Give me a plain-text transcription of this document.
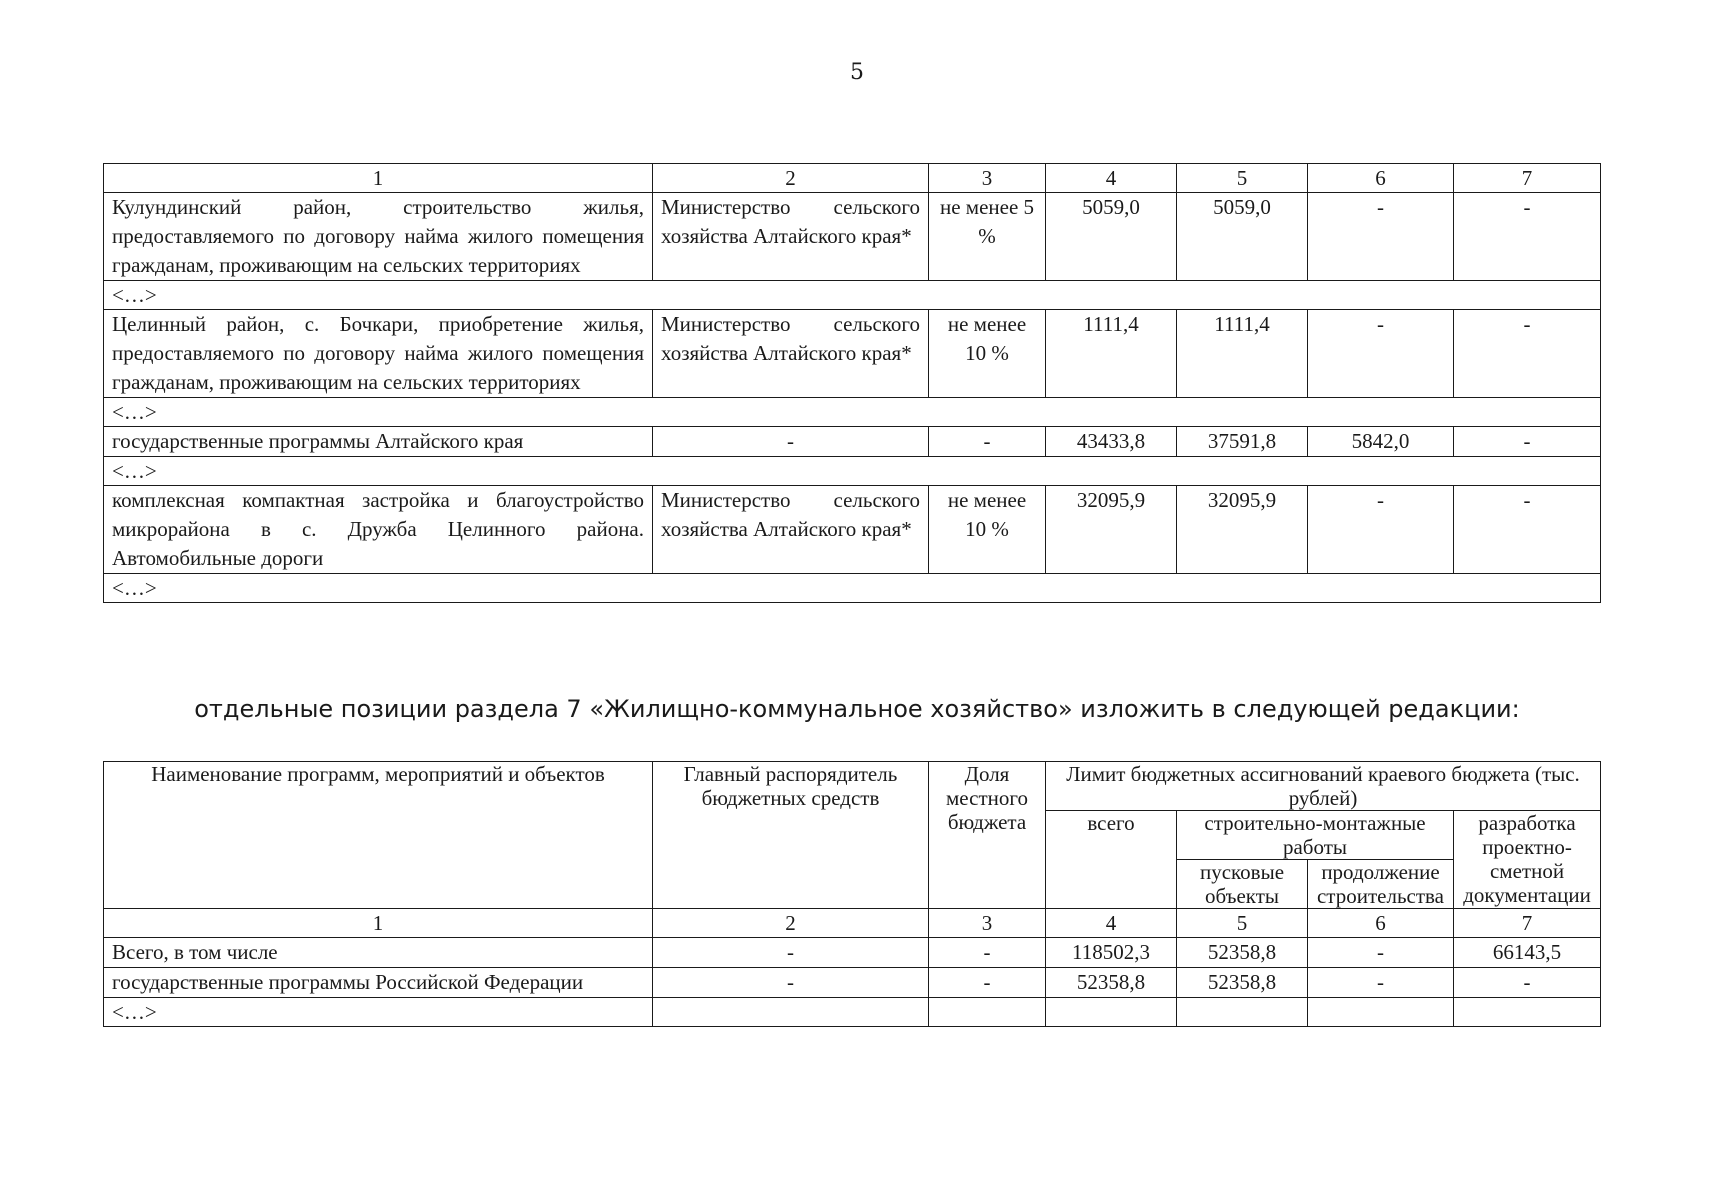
5
1	2	3	4	5	6	7
Кулундинский район, строительство жилья, предоставляемого по договору найма жилого помещения гражданам, проживающим на сельских территориях	Министерство сельского хозяйства Алтайского края*	не менее 5 %	5059,0	5059,0	-	-
<…>						
Целинный район, с. Бочкари, приобретение жилья, предоставляемого по договору найма жилого помещения гражданам, проживающим на сельских территориях	Министерство сельского хозяйства Алтайского края*	не менее 10 %	1111,4	1111,4	-	-
<…>						
государственные программы Алтайского края	-	-	43433,8	37591,8	5842,0	-
<…>						
комплексная компактная застройка и благоустройство микрорайона в с. Дружба Целинного района. Автомобильные дороги	Министерство сельского хозяйства Алтайского края*	не менее 10 %	32095,9	32095,9	-	-
<…>						
отдельные позиции раздела 7 «Жилищно-коммунальное хозяйство» изложить в следующей редакции:
Наименование программ, мероприятий и объектов	Главный распорядитель бюджетных средств	Доля местного бюджета	Лимит бюджетных ассигнований краевого бюджета (тыс. рублей)			
			всего	строительно-монтажные работы		разработка проектно-сметной документации
				пусковые объекты	продолжение строительства	
1	2	3	4	5	6	7
Всего, в том числе	-	-	118502,3	52358,8	-	66143,5
государственные программы Российской Федерации	-	-	52358,8	52358,8	-	-
<…>						
